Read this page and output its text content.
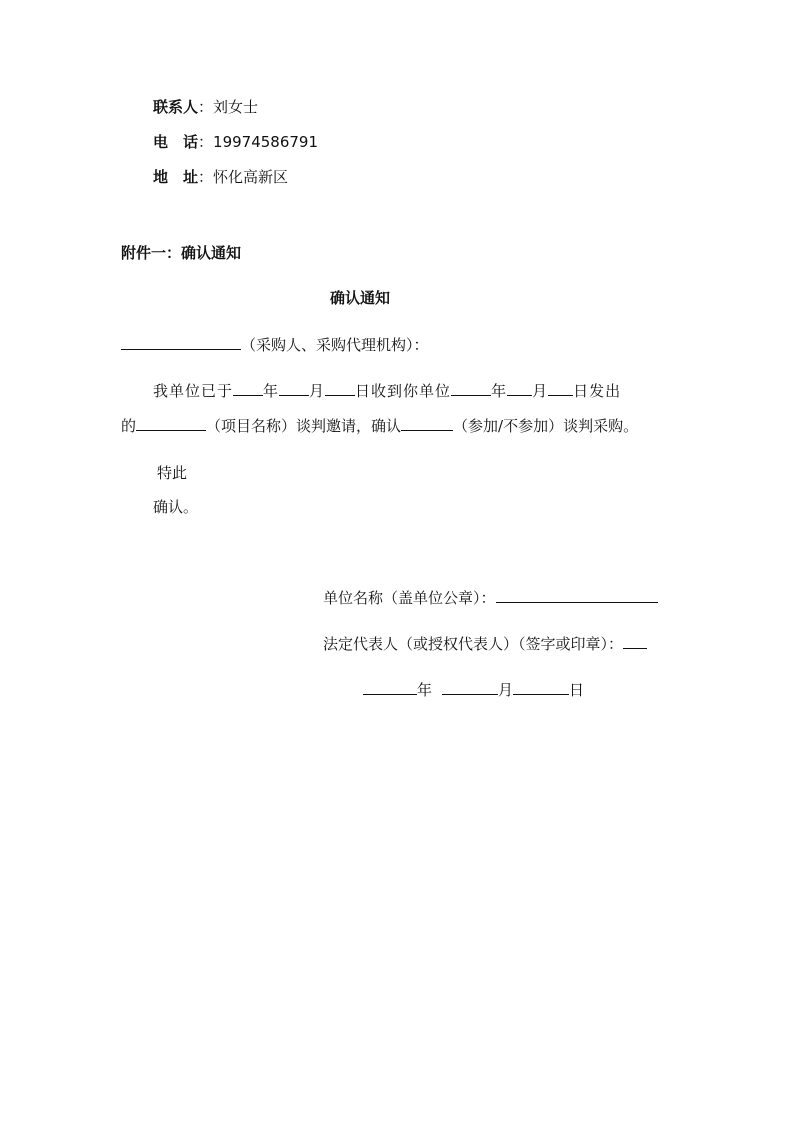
联系人：刘女士
电　话：19974586791
地　址：怀化高新区
附件一：确认通知
确认通知
（采购人、采购代理机构）：
我单位已于 年 月 日收到你单位	年 月 日发出
的	（项目名称）谈判邀请，确认	（参加/不参加）谈判采购。
特此
确认。
单位名称（盖单位公章）：
法定代表人（或授权代表人）（签字或印章）：
年	月	日
